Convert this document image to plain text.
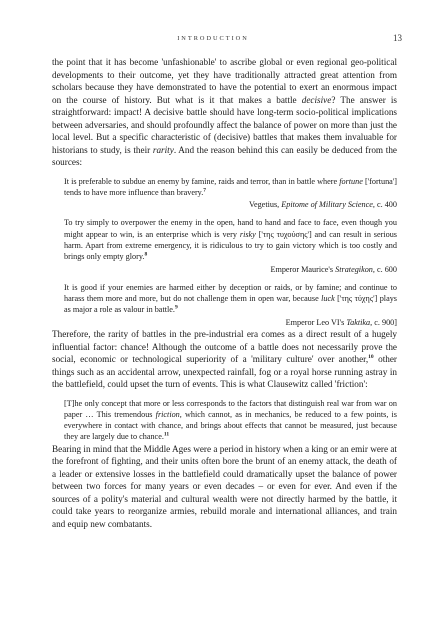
INTRODUCTION	13

the point that it has become 'unfashionable' to ascribe global or even regional geo-political developments to their outcome, yet they have traditionally attracted great attention from scholars because they have demonstrated to have the potential to exert an enormous impact on the course of history. But what is it that makes a battle decisive? The answer is straightforward: impact! A decisive battle should have long-term socio-political implications between adversaries, and should profoundly affect the balance of power on more than just the local level. But a specific characteristic of (decisive) battles that makes them invaluable for historians to study, is their rarity. And the reason behind this can easily be deduced from the sources:

It is preferable to subdue an enemy by famine, raids and terror, than in battle where fortune ['fortuna'] tends to have more influence than bravery.$^7$

Vegetius, Epitome of Military Science, c. 400

To try simply to overpower the enemy in the open, hand to hand and face to face, even though you might appear to win, is an enterprise which is very risky ['της τυχούσης'] and can result in serious harm. Apart from extreme emergency, it is ridiculous to try to gain victory which is too costly and brings only empty glory.$^8$

Emperor Maurice's Strategikon, c. 600

It is good if your enemies are harmed either by deception or raids, or by famine; and continue to harass them more and more, but do not challenge them in open war, because luck ['της τύχης'] plays as major a role as valour in battle.$^9$

Emperor Leo VI's Taktika, c. 900]

Therefore, the rarity of battles in the pre-industrial era comes as a direct result of a hugely influential factor: chance! Although the outcome of a battle does not necessarily prove the social, economic or technological superiority of a 'military culture' over another,$^{10}$ other things such as an accidental arrow, unexpected rainfall, fog or a royal horse running astray in the battlefield, could upset the turn of events. This is what Clausewitz called 'friction':

[T]he only concept that more or less corresponds to the factors that distinguish real war from war on paper … This tremendous friction, which cannot, as in mechanics, be reduced to a few points, is everywhere in contact with chance, and brings about effects that cannot be measured, just because they are largely due to chance.$^{11}$

Bearing in mind that the Middle Ages were a period in history when a king or an emir were at the forefront of fighting, and their units often bore the brunt of an enemy attack, the death of a leader or extensive losses in the battlefield could dramatically upset the balance of power between two forces for many years or even decades – or even for ever. And even if the sources of a polity's material and cultural wealth were not directly harmed by the battle, it could take years to reorganize armies, rebuild morale and international alliances, and train and equip new combatants.
